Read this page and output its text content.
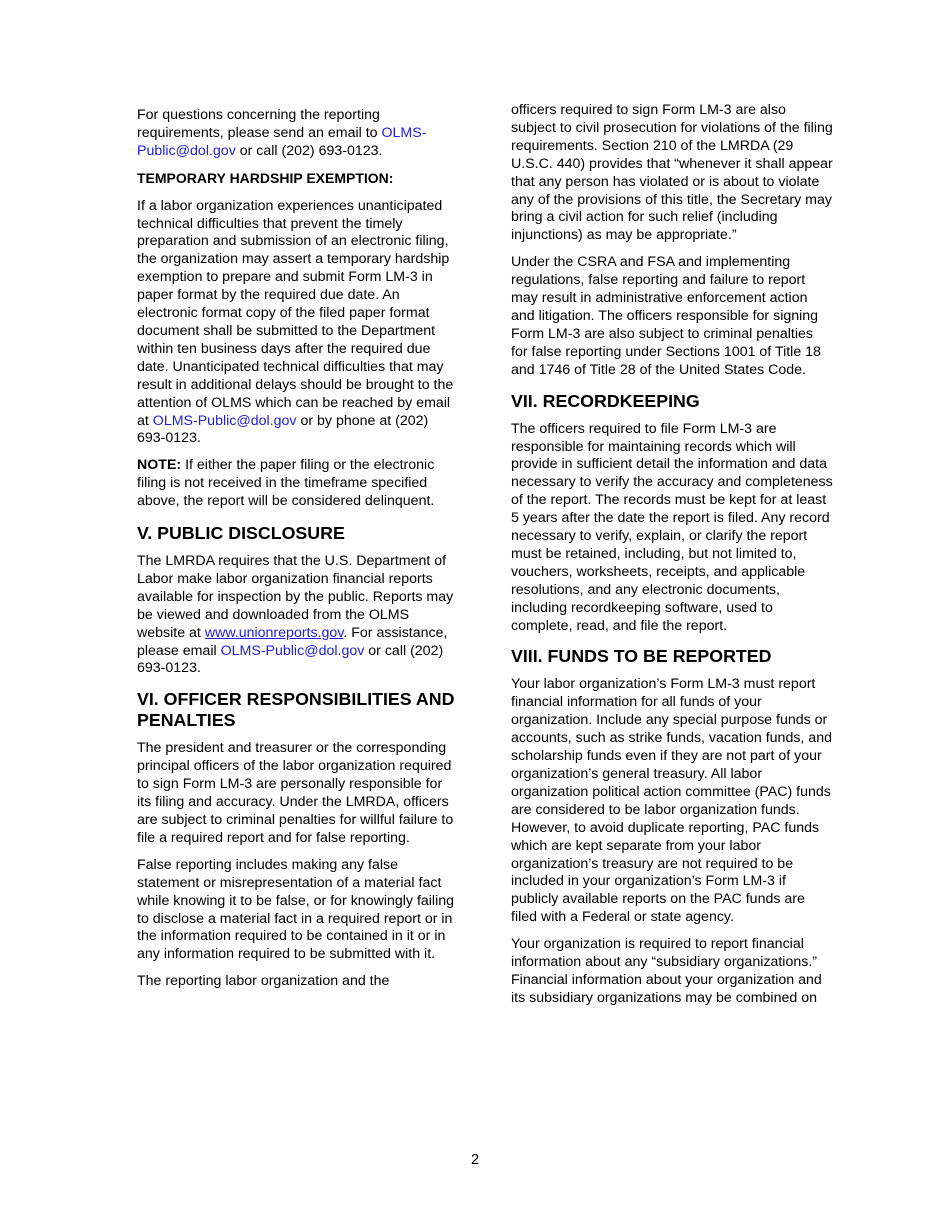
For questions concerning the reporting requirements, please send an email to OLMS-Public@dol.gov or call (202) 693-0123.

TEMPORARY HARDSHIP EXEMPTION:

If a labor organization experiences unanticipated technical difficulties that prevent the timely preparation and submission of an electronic filing, the organization may assert a temporary hardship exemption to prepare and submit Form LM-3 in paper format by the required due date. An electronic format copy of the filed paper format document shall be submitted to the Department within ten business days after the required due date. Unanticipated technical difficulties that may result in additional delays should be brought to the attention of OLMS which can be reached by email at OLMS-Public@dol.gov or by phone at (202) 693-0123.

NOTE: If either the paper filing or the electronic filing is not received in the timeframe specified above, the report will be considered delinquent.

V. PUBLIC DISCLOSURE

The LMRDA requires that the U.S. Department of Labor make labor organization financial reports available for inspection by the public. Reports may be viewed and downloaded from the OLMS website at www.unionreports.gov. For assistance, please email OLMS-Public@dol.gov or call (202) 693-0123.

VI. OFFICER RESPONSIBILITIES AND PENALTIES

The president and treasurer or the corresponding principal officers of the labor organization required to sign Form LM-3 are personally responsible for its filing and accuracy. Under the LMRDA, officers are subject to criminal penalties for willful failure to file a required report and for false reporting.

False reporting includes making any false statement or misrepresentation of a material fact while knowing it to be false, or for knowingly failing to disclose a material fact in a required report or in the information required to be contained in it or in any information required to be submitted with it.

The reporting labor organization and the

officers required to sign Form LM-3 are also subject to civil prosecution for violations of the filing requirements. Section 210 of the LMRDA (29 U.S.C. 440) provides that “whenever it shall appear that any person has violated or is about to violate any of the provisions of this title, the Secretary may bring a civil action for such relief (including injunctions) as may be appropriate.”

Under the CSRA and FSA and implementing regulations, false reporting and failure to report may result in administrative enforcement action and litigation. The officers responsible for signing Form LM-3 are also subject to criminal penalties for false reporting under Sections 1001 of Title 18 and 1746 of Title 28 of the United States Code.

VII. RECORDKEEPING

The officers required to file Form LM-3 are responsible for maintaining records which will provide in sufficient detail the information and data necessary to verify the accuracy and completeness of the report. The records must be kept for at least 5 years after the date the report is filed. Any record necessary to verify, explain, or clarify the report must be retained, including, but not limited to, vouchers, worksheets, receipts, and applicable resolutions, and any electronic documents, including recordkeeping software, used to complete, read, and file the report.

VIII. FUNDS TO BE REPORTED

Your labor organization’s Form LM-3 must report financial information for all funds of your organization. Include any special purpose funds or accounts, such as strike funds, vacation funds, and scholarship funds even if they are not part of your organization’s general treasury. All labor organization political action committee (PAC) funds are considered to be labor organization funds. However, to avoid duplicate reporting, PAC funds which are kept separate from your labor organization’s treasury are not required to be included in your organization’s Form LM-3 if publicly available reports on the PAC funds are filed with a Federal or state agency.

Your organization is required to report financial information about any “subsidiary organizations.” Financial information about your organization and its subsidiary organizations may be combined on

2
